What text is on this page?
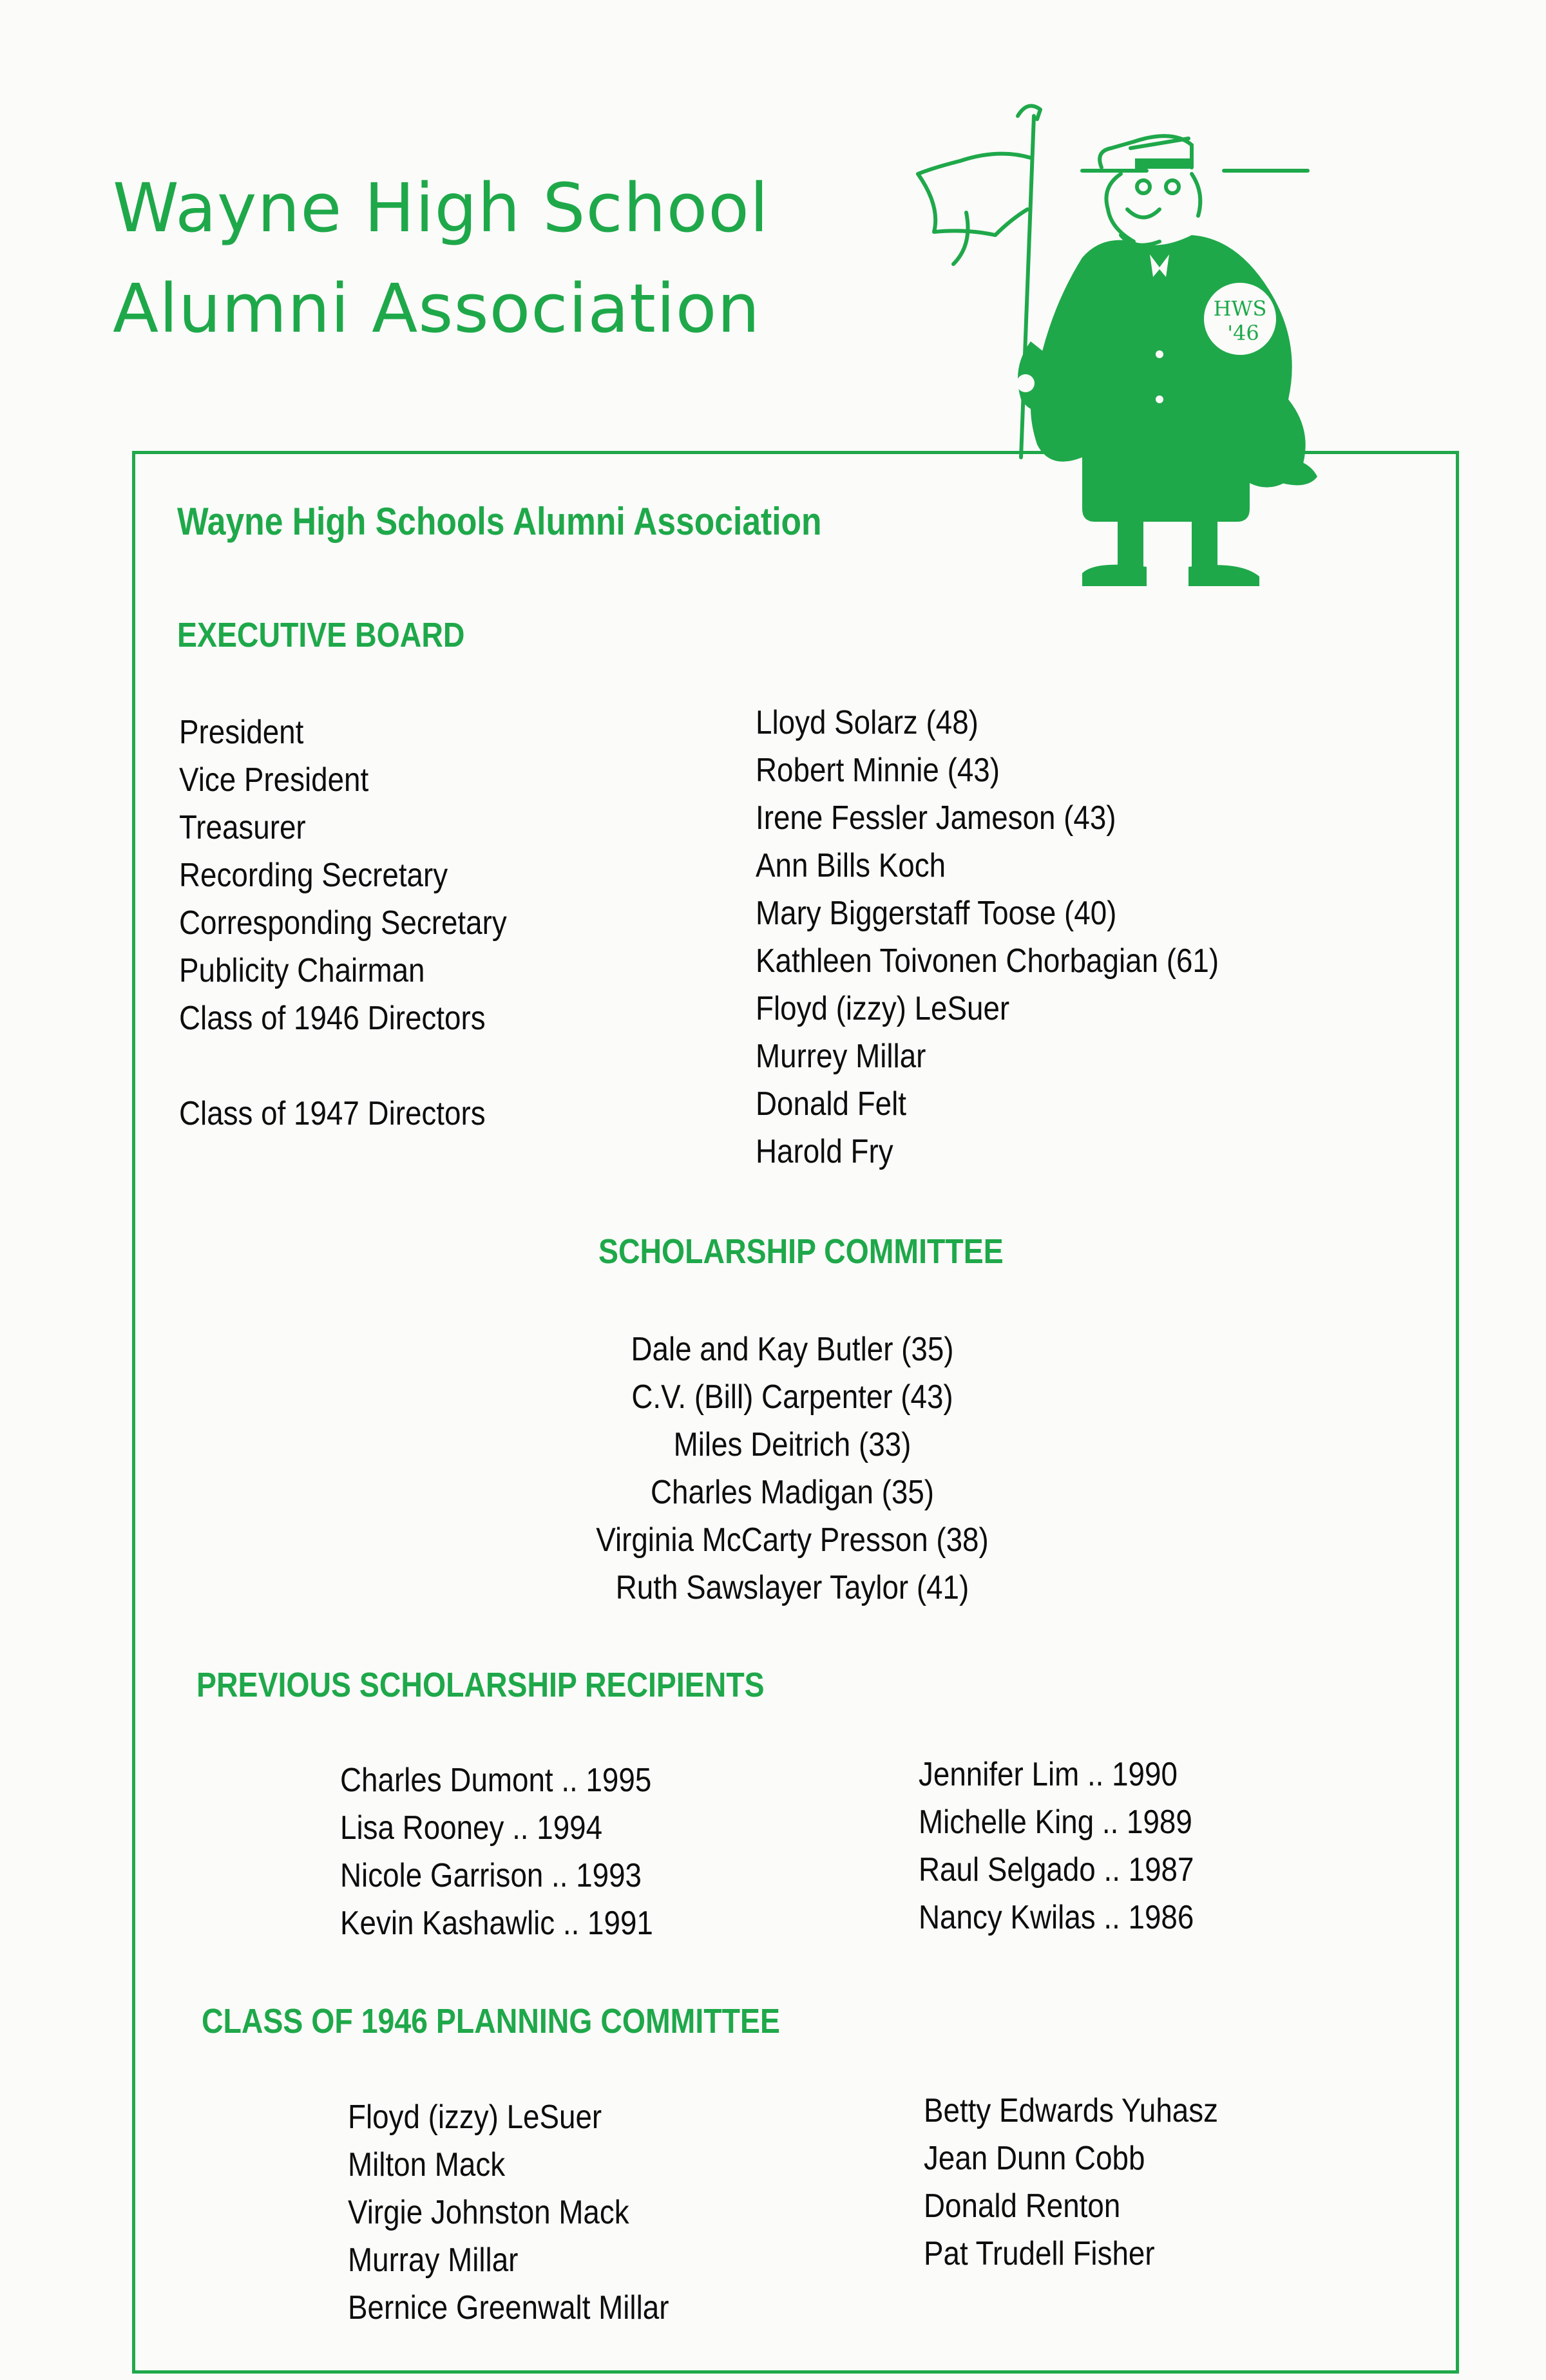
Wayne High School
Alumni Association	HWS
'46
Wayne High Schools Alumni Association
EXECUTIVE BOARD
President
Vice President
Treasurer
Recording Secretary
Corresponding Secretary
Publicity Chairman
Class of 1946 Directors
Class of 1947 Directors
Lloyd Solarz (48)
Robert Minnie (43)
Irene Fessler Jameson (43)
Ann Bills Koch
Mary Biggerstaff Toose (40)
Kathleen Toivonen Chorbagian (61)
Floyd (izzy) LeSuer
Murrey Millar
Donald Felt
Harold Fry
SCHOLARSHIP COMMITTEE
Dale and Kay Butler (35)
C.V. (Bill) Carpenter (43)
Miles Deitrich (33)
Charles Madigan (35)
Virginia McCarty Presson (38)
Ruth Sawslayer Taylor (41)
PREVIOUS SCHOLARSHIP RECIPIENTS
Charles Dumont .. 1995
Lisa Rooney .. 1994
Nicole Garrison .. 1993
Kevin Kashawlic .. 1991
Jennifer Lim .. 1990
Michelle King .. 1989
Raul Selgado .. 1987
Nancy Kwilas .. 1986
CLASS OF 1946 PLANNING COMMITTEE
Floyd (izzy) LeSuer
Milton Mack
Virgie Johnston Mack
Murray Millar
Bernice Greenwalt Millar
Betty Edwards Yuhasz
Jean Dunn Cobb
Donald Renton
Pat Trudell Fisher
